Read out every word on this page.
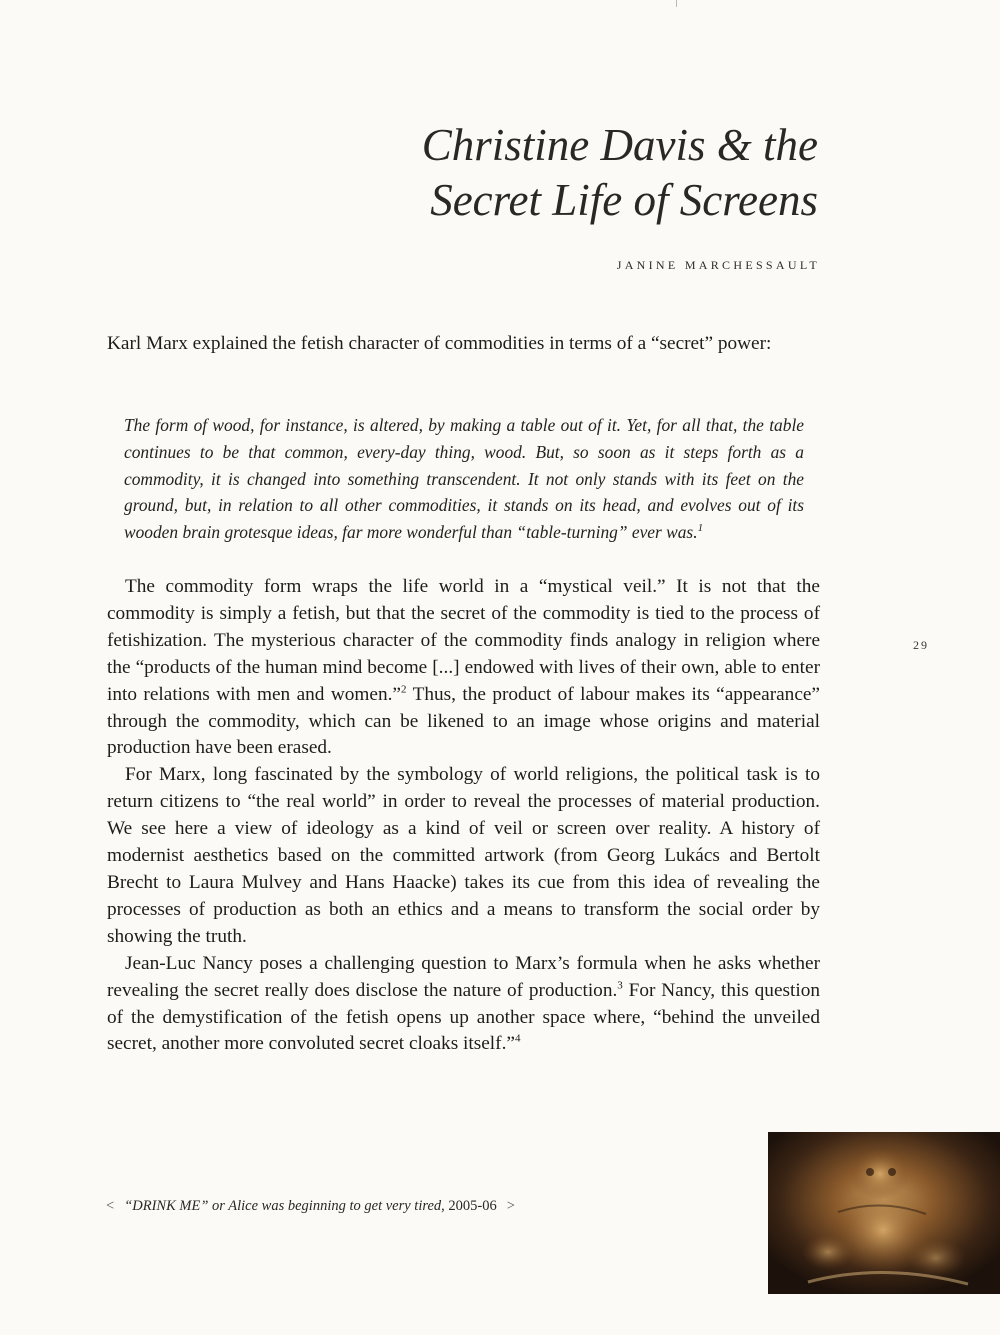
Christine Davis & the
Secret Life of Screens
JANINE MARCHESSAULT

Karl Marx explained the fetish character of commodities in terms of a “secret” power:

The form of wood, for instance, is altered, by making a table out of it. Yet, for all that, the table continues to be that common, every-day thing, wood. But, so soon as it steps forth as a commodity, it is changed into something transcendent. It not only stands with its feet on the ground, but, in relation to all other commodities, it stands on its head, and evolves out of its wooden brain grotesque ideas, far more wonderful than “table-turning” ever was.$^1$

The commodity form wraps the life world in a “mystical veil.” It is not that the commodity is simply a fetish, but that the secret of the commodity is tied to the process of fetishization. The mysterious character of the commodity finds analogy in religion where the “products of the human mind become [...] endowed with lives of their own, able to enter into relations with men and women.”$^2$ Thus, the product of labour makes its “appearance” through the commodity, which can be likened to an image whose origins and material production have been erased.

For Marx, long fascinated by the symbology of world religions, the political task is to return citizens to “the real world” in order to reveal the processes of material production. We see here a view of ideology as a kind of veil or screen over reality. A history of modernist aesthetics based on the committed artwork (from Georg Lukács and Bertolt Brecht to Laura Mulvey and Hans Haacke) takes its cue from this idea of revealing the processes of production as both an ethics and a means to transform the social order by showing the truth.

Jean-Luc Nancy poses a challenging question to Marx’s formula when he asks whether revealing the secret really does disclose the nature of production.$^3$ For Nancy, this question of the demystification of the fetish opens up another space where, “behind the unveiled secret, another more convoluted secret cloaks itself.”$^4$

29
< “DRINK ME” or Alice was beginning to get very tired, 2005-06 >
